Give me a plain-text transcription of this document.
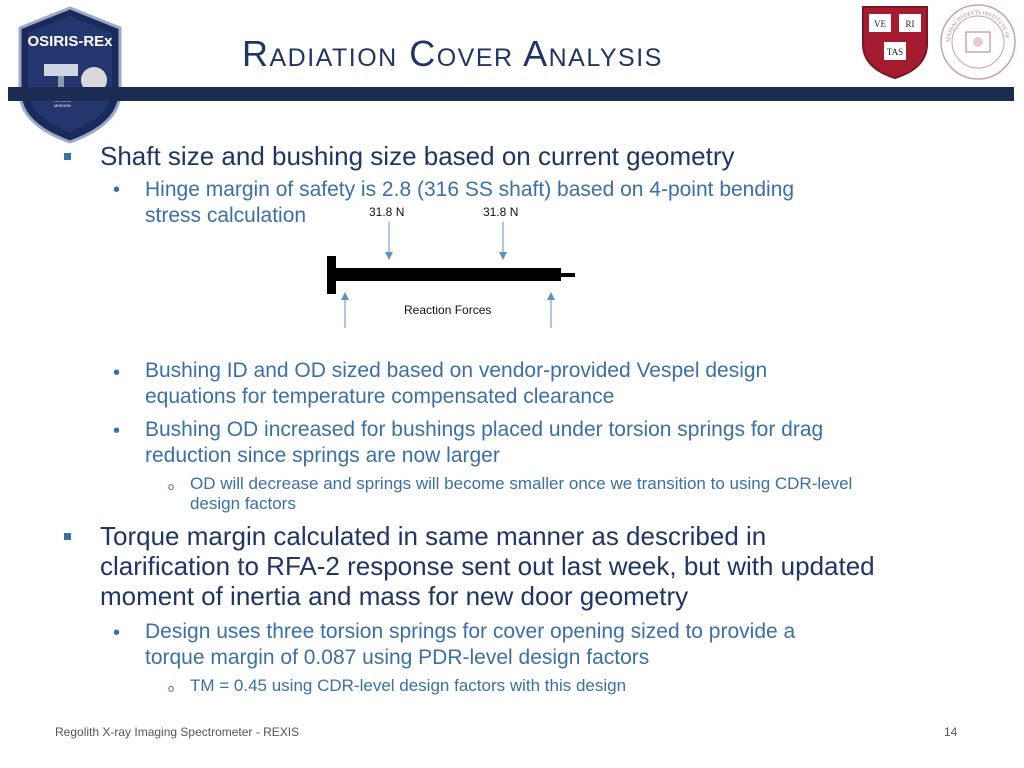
OSIRIS-REx
MISSION
VE RI
TAS
MASSACHUSETTS INSTITUTE OF
Radiation Cover Analysis
Shaft size and bushing size based on current geometry
• Hinge margin of safety is 2.8 (316 SS shaft) based on 4-point bending
stress calculation	31.8 N	31.8 N
Reaction Forces
• Bushing ID and OD sized based on vendor-provided Vespel design
equations for temperature compensated clearance
• Bushing OD increased for bushings placed under torsion springs for drag
reduction since springs are now larger
o OD will decrease and springs will become smaller once we transition to using CDR-level
design factors
Torque margin calculated in same manner as described in
clarification to RFA-2 response sent out last week, but with updated
moment of inertia and mass for new door geometry
• Design uses three torsion springs for cover opening sized to provide a
torque margin of 0.087 using PDR-level design factors
o TM = 0.45 using CDR-level design factors with this design
Regolith X-ray Imaging Spectrometer - REXIS	14
